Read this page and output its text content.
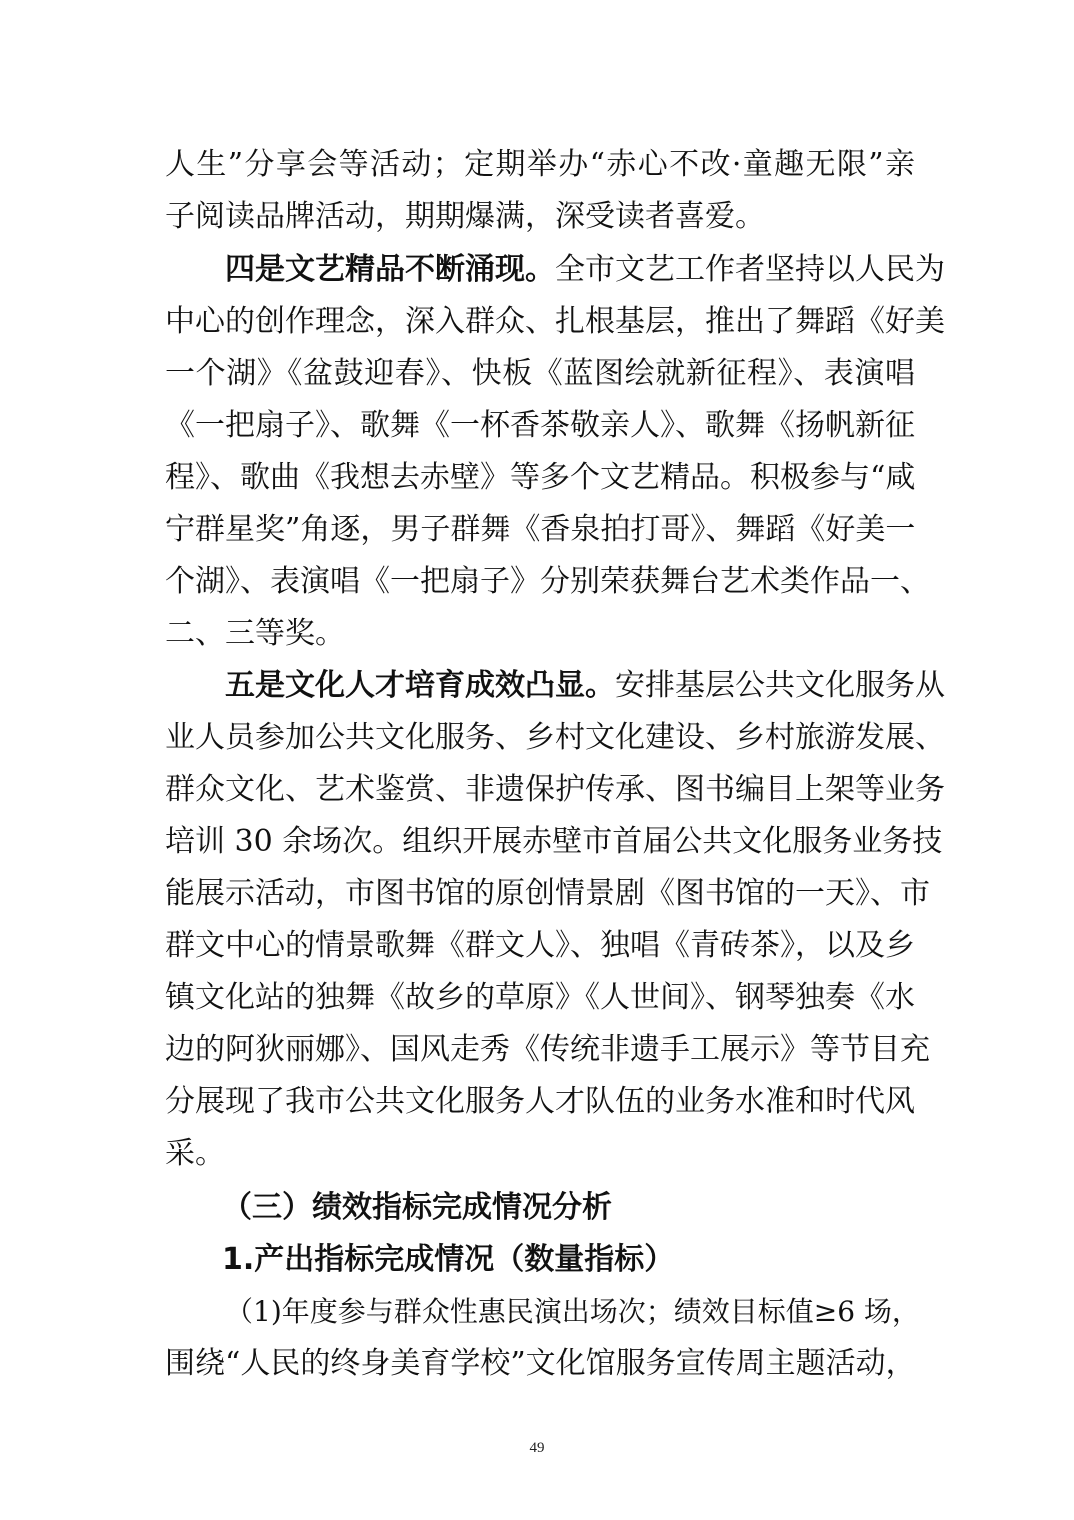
人生”分享会等活动；定期举办“赤心不改·童趣无限”亲
子阅读品牌活动，期期爆满，深受读者喜爱。
四是文艺精品不断涌现。全市文艺工作者坚持以人民为
中心的创作理念，深入群众、扎根基层，推出了舞蹈《好美
一个湖》《盆鼓迎春》、快板《蓝图绘就新征程》、表演唱
《一把扇子》、歌舞《一杯香茶敬亲人》、歌舞《扬帆新征
程》、歌曲《我想去赤壁》等多个文艺精品。积极参与“咸
宁群星奖”角逐，男子群舞《香泉拍打哥》、舞蹈《好美一
个湖》、表演唱《一把扇子》分别荣获舞台艺术类作品一、
二、三等奖。
五是文化人才培育成效凸显。安排基层公共文化服务从
业人员参加公共文化服务、乡村文化建设、乡村旅游发展、
群众文化、艺术鉴赏、非遗保护传承、图书编目上架等业务
培训 30 余场次。组织开展赤壁市首届公共文化服务业务技
能展示活动，市图书馆的原创情景剧《图书馆的一天》、市
群文中心的情景歌舞《群文人》、独唱《青砖茶》，以及乡
镇文化站的独舞《故乡的草原》《人世间》、钢琴独奏《水
边的阿狄丽娜》、国风走秀《传统非遗手工展示》等节目充
分展现了我市公共文化服务人才队伍的业务水准和时代风
采。
（三）绩效指标完成情况分析
1.产出指标完成情况（数量指标）
（1)年度参与群众性惠民演出场次；绩效目标值≥6 场，
围绕“人民的终身美育学校”文化馆服务宣传周主题活动，
49
